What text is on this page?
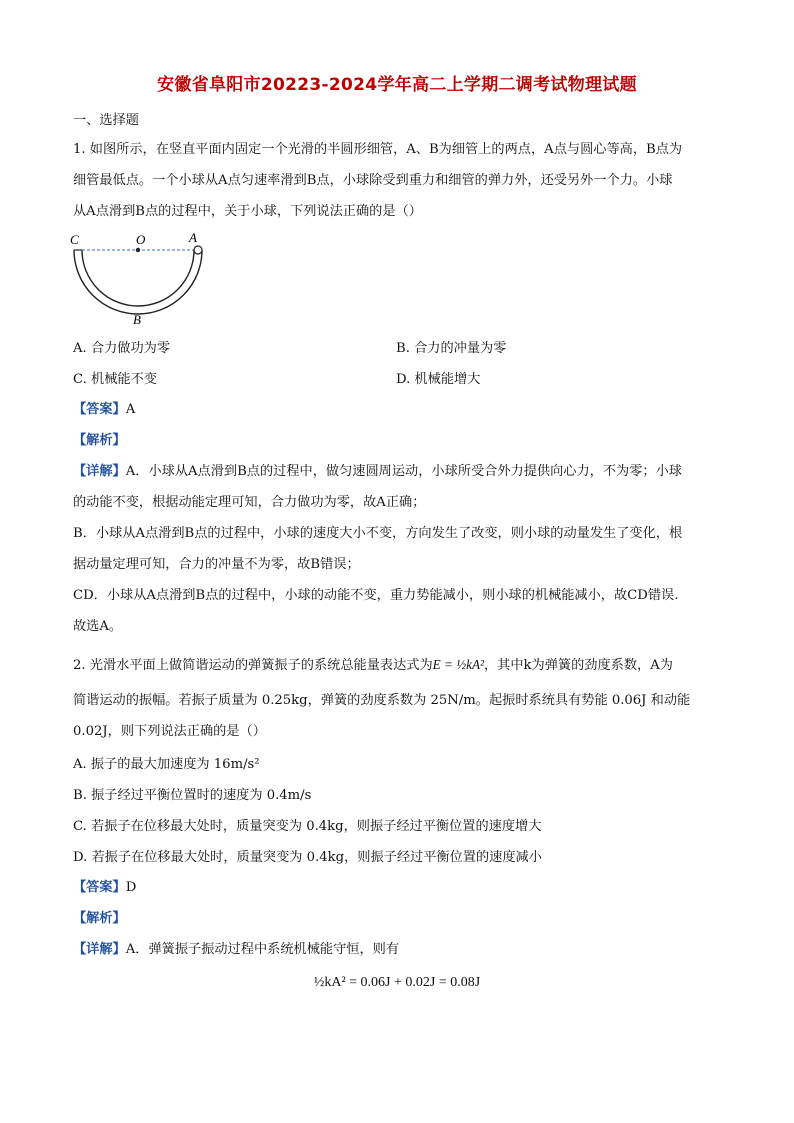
安徽省阜阳市20223-2024学年高二上学期二调考试物理试题
一、选择题
1. 如图所示，在竖直平面内固定一个光滑的半圆形细管，A、B为细管上的两点，A点与圆心等高，B点为
细管最低点。一个小球从A点匀速率滑到B点，小球除受到重力和细管的弹力外，还受另外一个力。小球
从A点滑到B点的过程中，关于小球，下列说法正确的是（）
C	O	A
B
A. 合力做功为零	B. 合力的冲量为零
C. 机械能不变	D. 机械能增大
【答案】A
【解析】
【详解】A．小球从A点滑到B点的过程中，做匀速圆周运动，小球所受合外力提供向心力，不为零；小球
的动能不变，根据动能定理可知，合力做功为零，故A正确；
B．小球从A点滑到B点的过程中，小球的速度大小不变，方向发生了改变，则小球的动量发生了变化，根
据动量定理可知，合力的冲量不为零，故B错误；
CD．小球从A点滑到B点的过程中，小球的动能不变，重力势能减小，则小球的机械能减小，故CD错误.
故选A。
2. 光滑水平面上做简谐运动的弹簧振子的系统总能量表达式为E = ½kA²，其中k为弹簧的劲度系数，A为
简谐运动的振幅。若振子质量为 0.25kg，弹簧的劲度系数为 25N/m。起振时系统具有势能 0.06J 和动能
0.02J，则下列说法正确的是（）
A. 振子的最大加速度为 16m/s²
B. 振子经过平衡位置时的速度为 0.4m/s
C. 若振子在位移最大处时，质量突变为 0.4kg，则振子经过平衡位置的速度增大
D. 若振子在位移最大处时，质量突变为 0.4kg，则振子经过平衡位置的速度减小
【答案】D
【解析】
【详解】A．弹簧振子振动过程中系统机械能守恒，则有
½kA² = 0.06J + 0.02J = 0.08J
